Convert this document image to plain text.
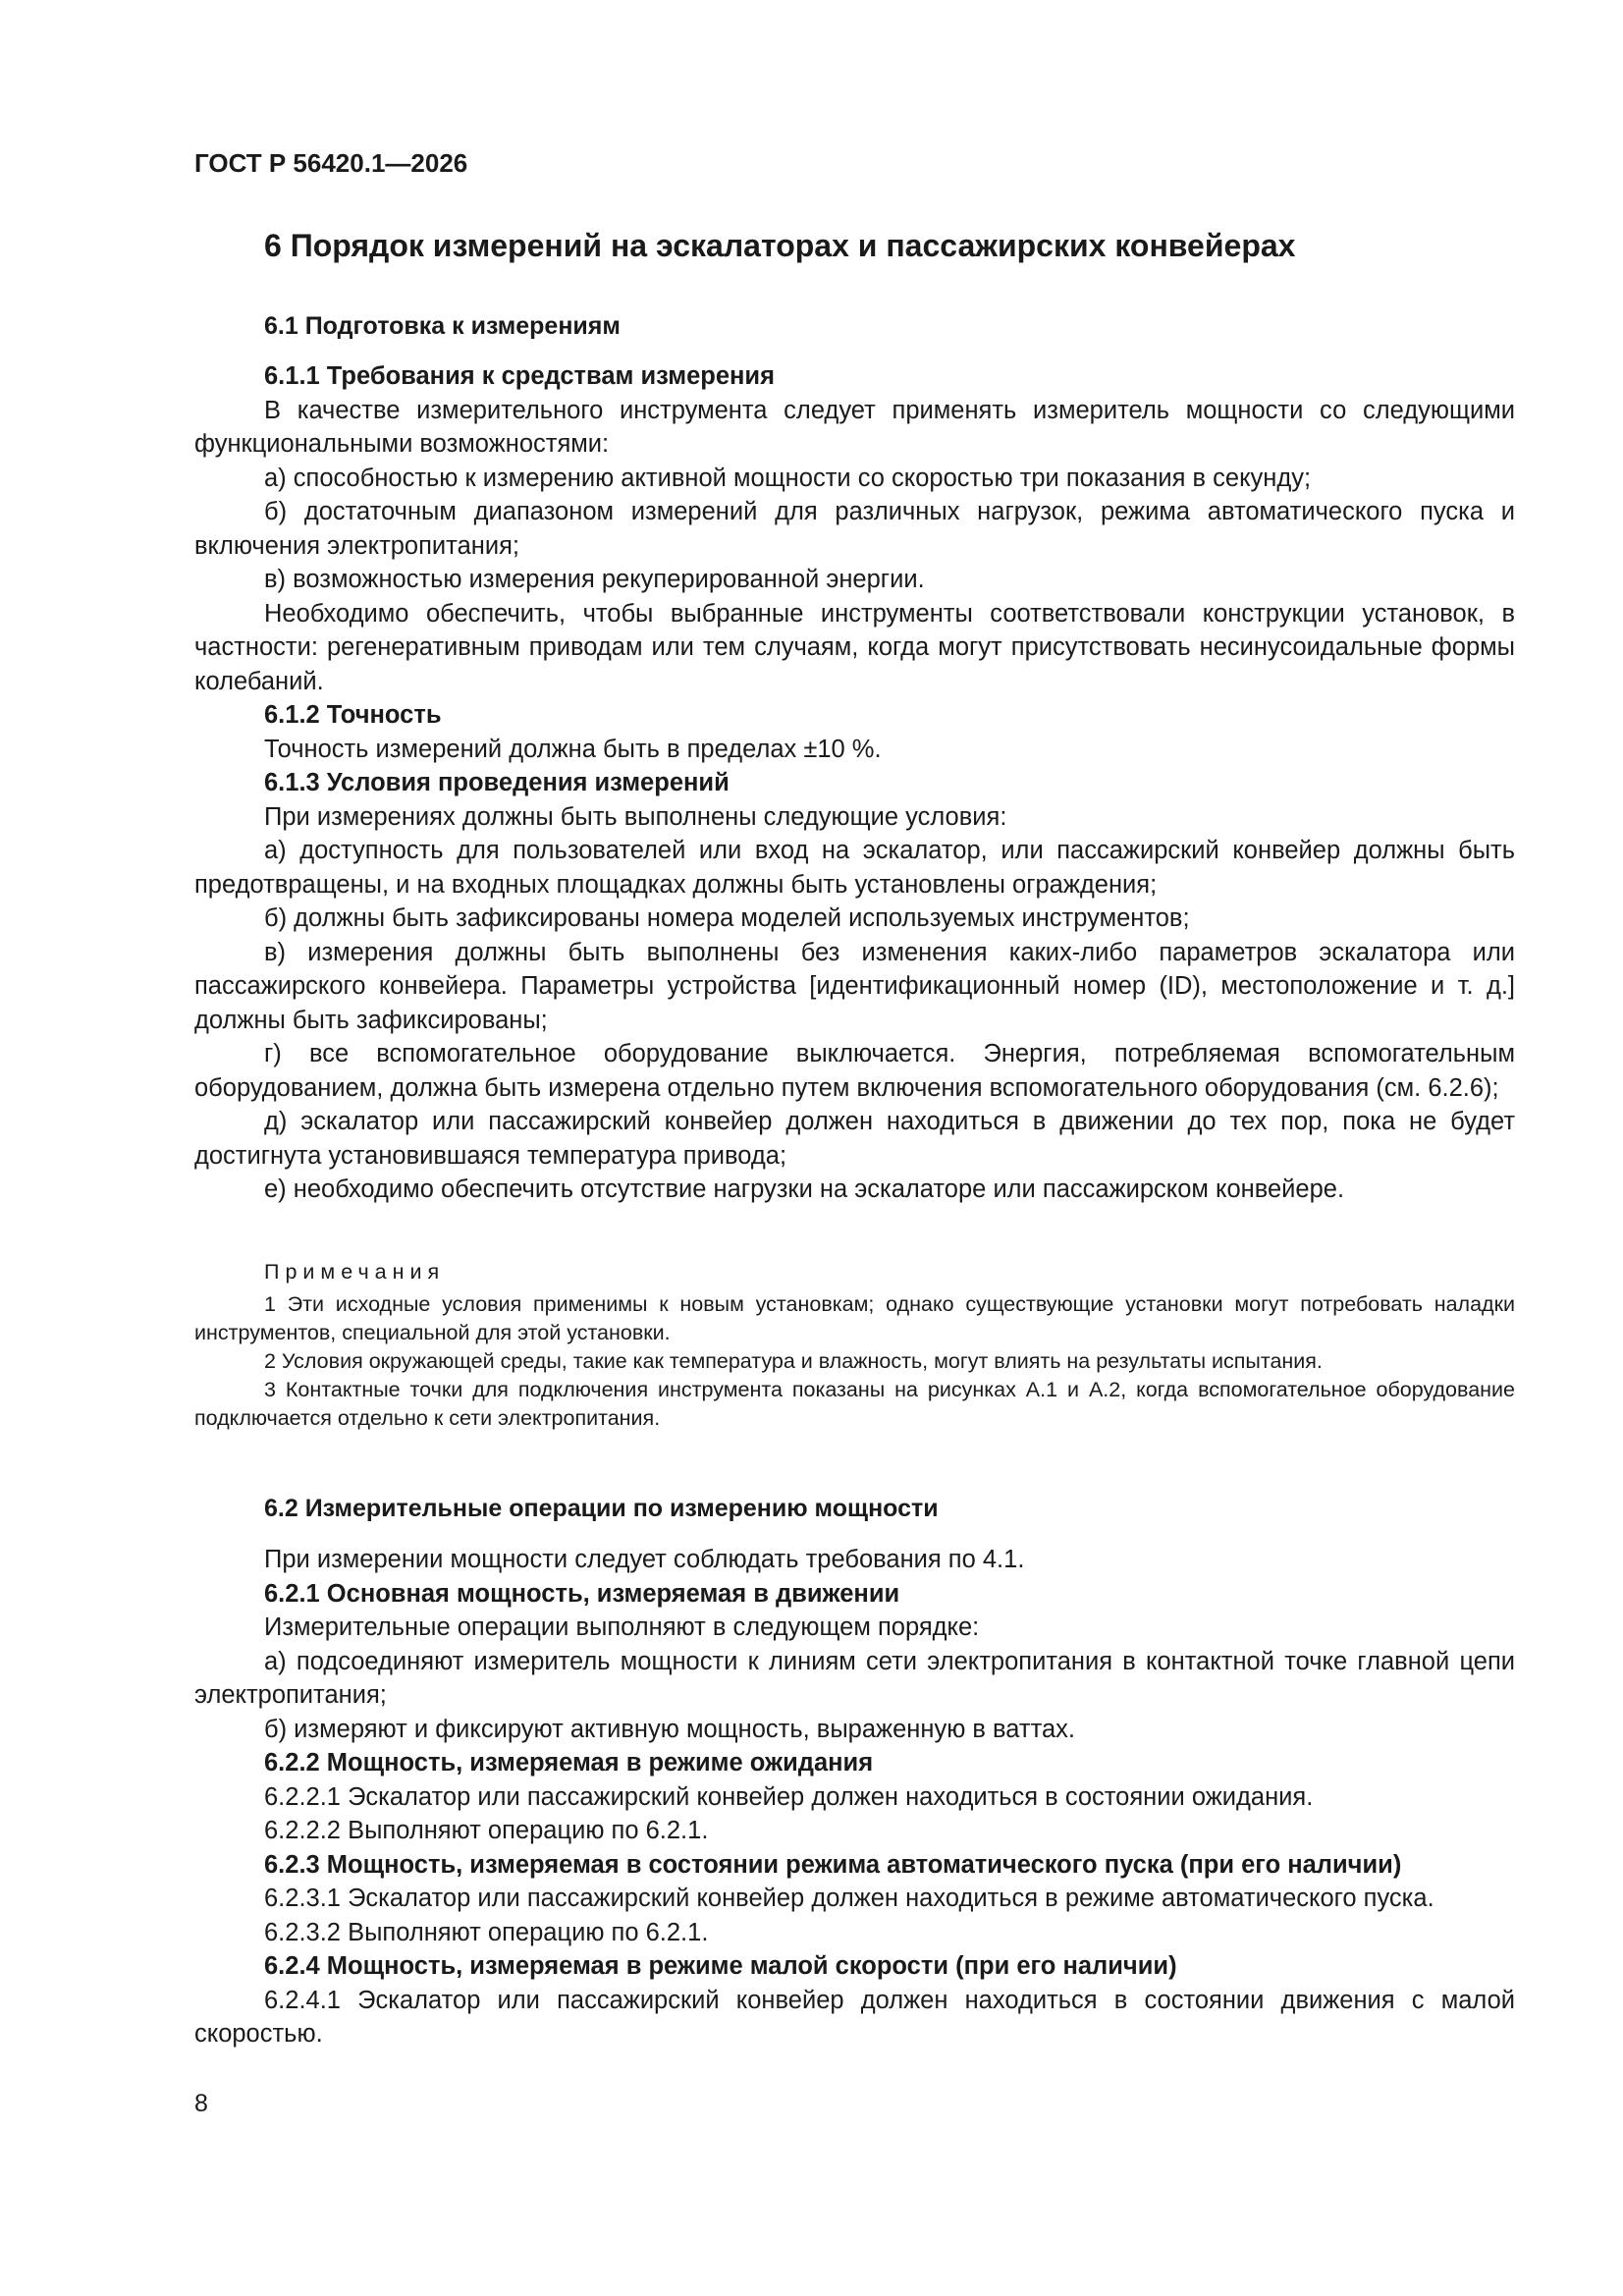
ГОСТ Р 56420.1—2026
6 Порядок измерений на эскалаторах и пассажирских конвейерах
6.1 Подготовка к измерениям

6.1.1 Требования к средствам измерения

В качестве измерительного инструмента следует применять измеритель мощности со следующими функциональными возможностями:

а) способностью к измерению активной мощности со скоростью три показания в секунду;

б) достаточным диапазоном измерений для различных нагрузок, режима автоматического пуска и включения электропитания;

в) возможностью измерения рекуперированной энергии.

Необходимо обеспечить, чтобы выбранные инструменты соответствовали конструкции установок, в частности: регенеративным приводам или тем случаям, когда могут присутствовать несинусоидальные формы колебаний.

6.1.2 Точность

Точность измерений должна быть в пределах ±10 %.

6.1.3 Условия проведения измерений

При измерениях должны быть выполнены следующие условия:

а) доступность для пользователей или вход на эскалатор, или пассажирский конвейер должны быть предотвращены, и на входных площадках должны быть установлены ограждения;

б) должны быть зафиксированы номера моделей используемых инструментов;

в) измерения должны быть выполнены без изменения каких-либо параметров эскалатора или пассажирского конвейера. Параметры устройства [идентификационный номер (ID), местоположение и т. д.] должны быть зафиксированы;

г) все вспомогательное оборудование выключается. Энергия, потребляемая вспомогательным оборудованием, должна быть измерена отдельно путем включения вспомогательного оборудования (см. 6.2.6);

д) эскалатор или пассажирский конвейер должен находиться в движении до тех пор, пока не будет достигнута установившаяся температура привода;

е) необходимо обеспечить отсутствие нагрузки на эскалаторе или пассажирском конвейере.

Примечания

1 Эти исходные условия применимы к новым установкам; однако существующие установки могут потребовать наладки инструментов, специальной для этой установки.

2 Условия окружающей среды, такие как температура и влажность, могут влиять на результаты испытания.

3 Контактные точки для подключения инструмента показаны на рисунках А.1 и А.2, когда вспомогательное оборудование подключается отдельно к сети электропитания.

6.2 Измерительные операции по измерению мощности

При измерении мощности следует соблюдать требования по 4.1.

6.2.1 Основная мощность, измеряемая в движении

Измерительные операции выполняют в следующем порядке:

а) подсоединяют измеритель мощности к линиям сети электропитания в контактной точке главной цепи электропитания;

б) измеряют и фиксируют активную мощность, выраженную в ваттах.

6.2.2 Мощность, измеряемая в режиме ожидания

6.2.2.1 Эскалатор или пассажирский конвейер должен находиться в состоянии ожидания.

6.2.2.2 Выполняют операцию по 6.2.1.

6.2.3 Мощность, измеряемая в состоянии режима автоматического пуска (при его наличии)

6.2.3.1 Эскалатор или пассажирский конвейер должен находиться в режиме автоматического пуска.

6.2.3.2 Выполняют операцию по 6.2.1.

6.2.4 Мощность, измеряемая в режиме малой скорости (при его наличии)

6.2.4.1 Эскалатор или пассажирский конвейер должен находиться в состоянии движения с малой скоростью.

8
